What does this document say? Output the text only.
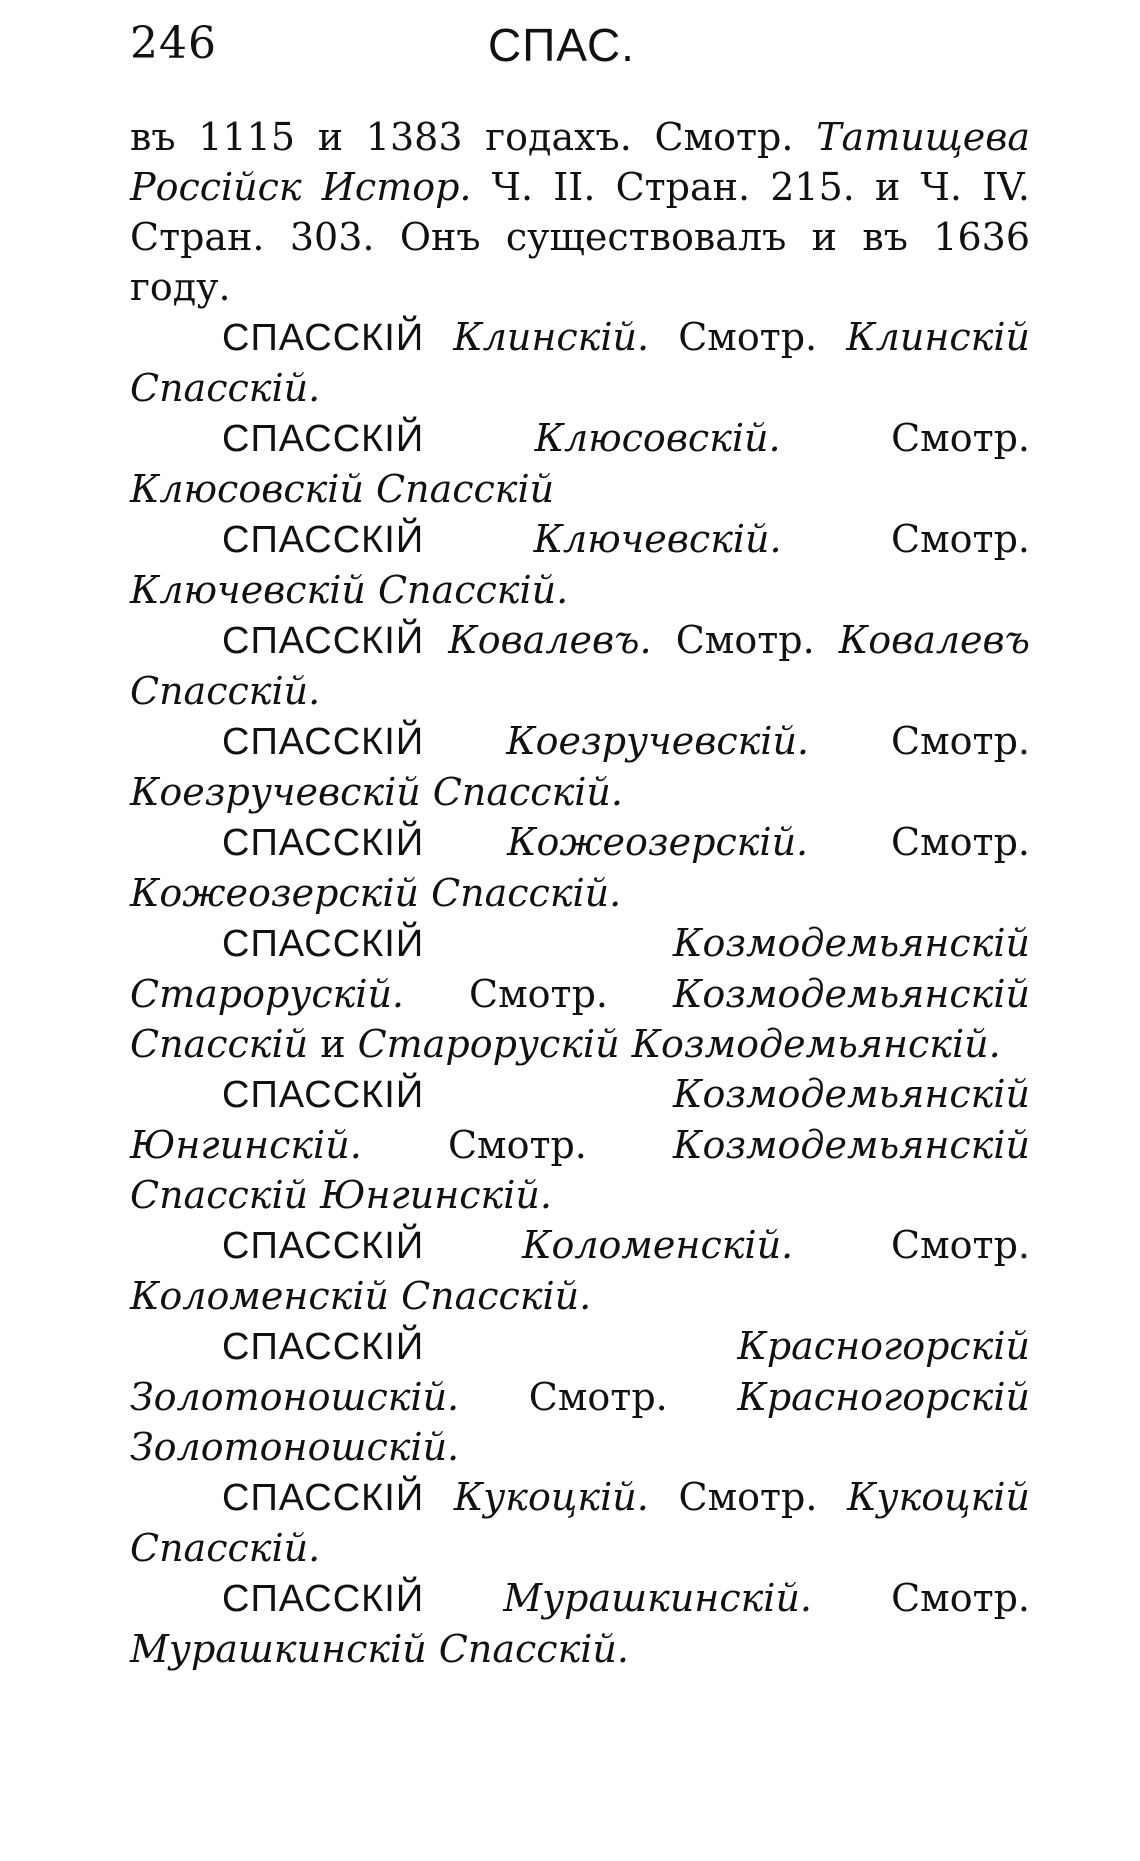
246	СПАС.

въ 1115 и 1383 годахъ. Смотр. Татищева Россійск Истор. Ч. II. Стран. 215. и Ч. IV. Стран. 303. Онъ существовалъ и въ 1636 году.

СПАССКІЙ Клинскій. Смотр. Клинскій Спасскій.

СПАССКІЙ	Клюсовскій.	Смотр. Клюсовскій Спасскій

СПАССКІЙ	Ключевскій.	Смотр. Ключевскій Спасскій.

СПАССКІЙ Ковалевъ. Смотр. Ковалевъ Спасскій.

СПАССКІЙ Коезручевскій. Смотр. Коезручевскій Спасскій.

СПАССКІЙ Кожеозерскій. Смотр. Кожеозерскій Спасскій.

СПАССКІЙ	Козмодемьянскій Старорускій. Смотр. Козмодемьянскій Спасскій и Старорускій Козмодемьянскій.

СПАССКІЙ	Козмодемьянскій Юнгинскій. Смотр. Козмодемьянскій Спасскій Юнгинскій.

СПАССКІЙ	Коломенскій.	Смотр. Коломенскій Спасскій.

СПАССКІЙ	Красногорскій Золотоношскій. Смотр. Красногорскій Золотоношскій.

СПАССКІЙ Кукоцкій. Смотр. Кукоцкій Спасскій.

СПАССКІЙ Мурашкинскій. Смотр. Мурашкинскій Спасскій.
